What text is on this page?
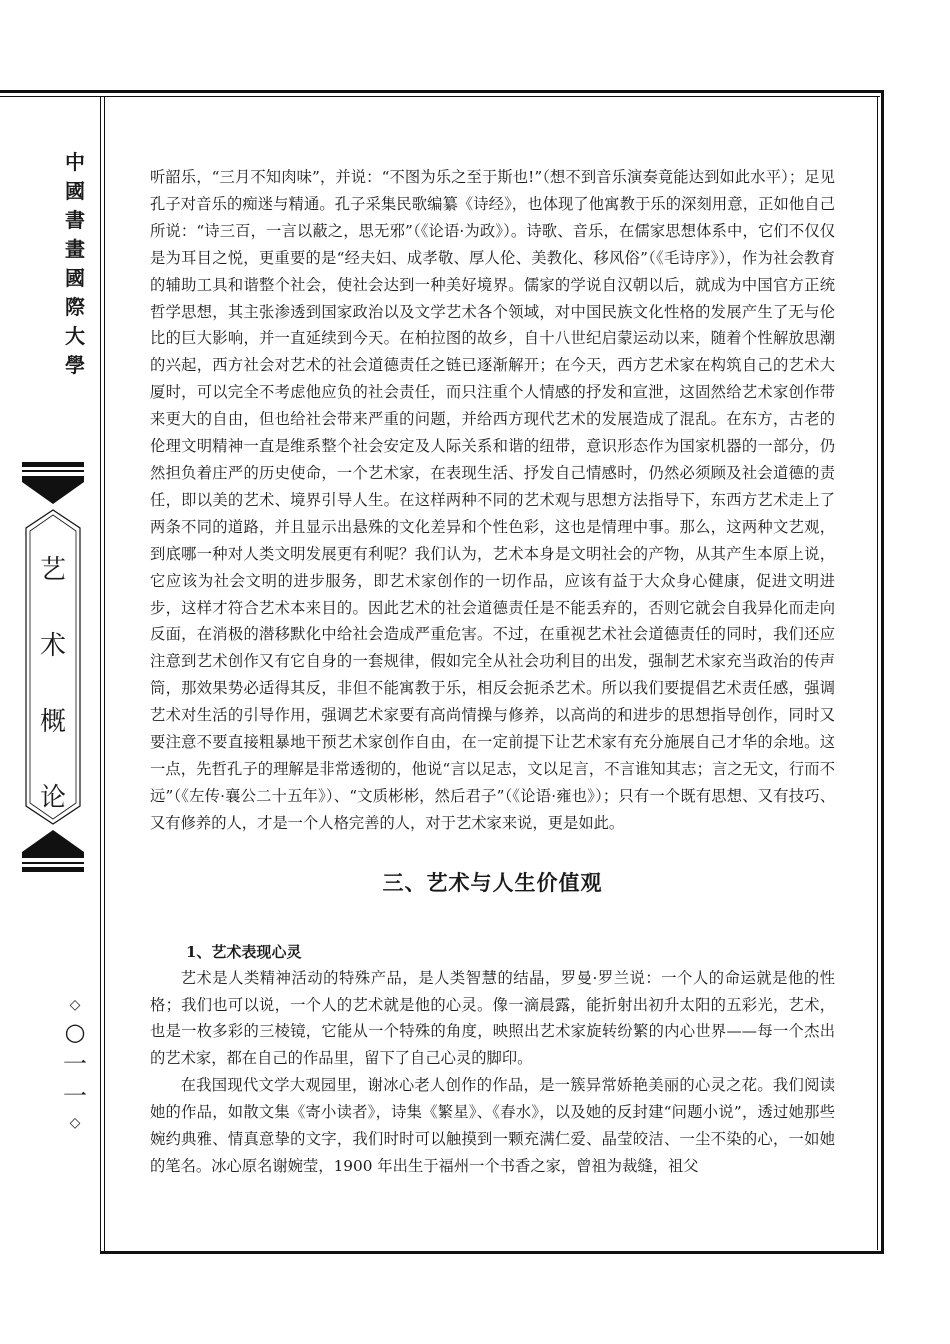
中
國
書
畫
國
際
大
學
艺
术
概
论
◇
○
一
一
◇

听韶乐，“三月不知肉味”，并说：“不图为乐之至于斯也!”（想不到音乐演奏竟能达到如此水平）；足见孔子对音乐的痴迷与精通。孔子采集民歌编纂《诗经》，也体现了他寓教于乐的深刻用意，正如他自己所说：“诗三百，一言以蔽之，思无邪”（《论语·为政》）。诗歌、音乐，在儒家思想体系中，它们不仅仅是为耳目之悦，更重要的是“经夫妇、成孝敬、厚人伦、美教化、移风俗”（《毛诗序》），作为社会教育的辅助工具和谐整个社会，使社会达到一种美好境界。儒家的学说自汉朝以后，就成为中国官方正统哲学思想，其主张渗透到国家政治以及文学艺术各个领域，对中国民族文化性格的发展产生了无与伦比的巨大影响，并一直延续到今天。在柏拉图的故乡，自十八世纪启蒙运动以来，随着个性解放思潮的兴起，西方社会对艺术的社会道德责任之链已逐渐解开；在今天，西方艺术家在构筑自己的艺术大厦时，可以完全不考虑他应负的社会责任，而只注重个人情感的抒发和宣泄，这固然给艺术家创作带来更大的自由，但也给社会带来严重的问题，并给西方现代艺术的发展造成了混乱。在东方，古老的伦理文明精神一直是维系整个社会安定及人际关系和谐的纽带，意识形态作为国家机器的一部分，仍然担负着庄严的历史使命，一个艺术家，在表现生活、抒发自己情感时，仍然必须顾及社会道德的责任，即以美的艺术、境界引导人生。在这样两种不同的艺术观与思想方法指导下，东西方艺术走上了两条不同的道路，并且显示出悬殊的文化差异和个性色彩，这也是情理中事。那么，这两种文艺观，到底哪一种对人类文明发展更有利呢？我们认为，艺术本身是文明社会的产物，从其产生本原上说，它应该为社会文明的进步服务，即艺术家创作的一切作品，应该有益于大众身心健康，促进文明进步，这样才符合艺术本来目的。因此艺术的社会道德责任是不能丢弃的，否则它就会自我异化而走向反面，在消极的潜移默化中给社会造成严重危害。不过，在重视艺术社会道德责任的同时，我们还应注意到艺术创作又有它自身的一套规律，假如完全从社会功利目的出发，强制艺术家充当政治的传声筒，那效果势必适得其反，非但不能寓教于乐，相反会扼杀艺术。所以我们要提倡艺术责任感，强调艺术对生活的引导作用，强调艺术家要有高尚情操与修养，以高尚的和进步的思想指导创作，同时又要注意不要直接粗暴地干预艺术家创作自由，在一定前提下让艺术家有充分施展自己才华的余地。这一点，先哲孔子的理解是非常透彻的，他说“言以足志，文以足言，不言谁知其志；言之无文，行而不远”（《左传·襄公二十五年》）、“文质彬彬，然后君子”（《论语·雍也》）；只有一个既有思想、又有技巧、又有修养的人，才是一个人格完善的人，对于艺术家来说，更是如此。

三、艺术与人生价值观
1、艺术表现心灵

艺术是人类精神活动的特殊产品，是人类智慧的结晶，罗曼·罗兰说：一个人的命运就是他的性格；我们也可以说，一个人的艺术就是他的心灵。像一滴晨露，能折射出初升太阳的五彩光，艺术，也是一枚多彩的三棱镜，它能从一个特殊的角度，映照出艺术家旋转纷繁的内心世界——每一个杰出的艺术家，都在自己的作品里，留下了自己心灵的脚印。

在我国现代文学大观园里，谢冰心老人创作的作品，是一簇异常娇艳美丽的心灵之花。我们阅读她的作品，如散文集《寄小读者》，诗集《繁星》、《春水》，以及她的反封建“问题小说”，透过她那些婉约典雅、情真意挚的文字，我们时时可以触摸到一颗充满仁爱、晶莹皎洁、一尘不染的心，一如她的笔名。冰心原名谢婉莹，1900 年出生于福州一个书香之家，曾祖为裁缝，祖父
